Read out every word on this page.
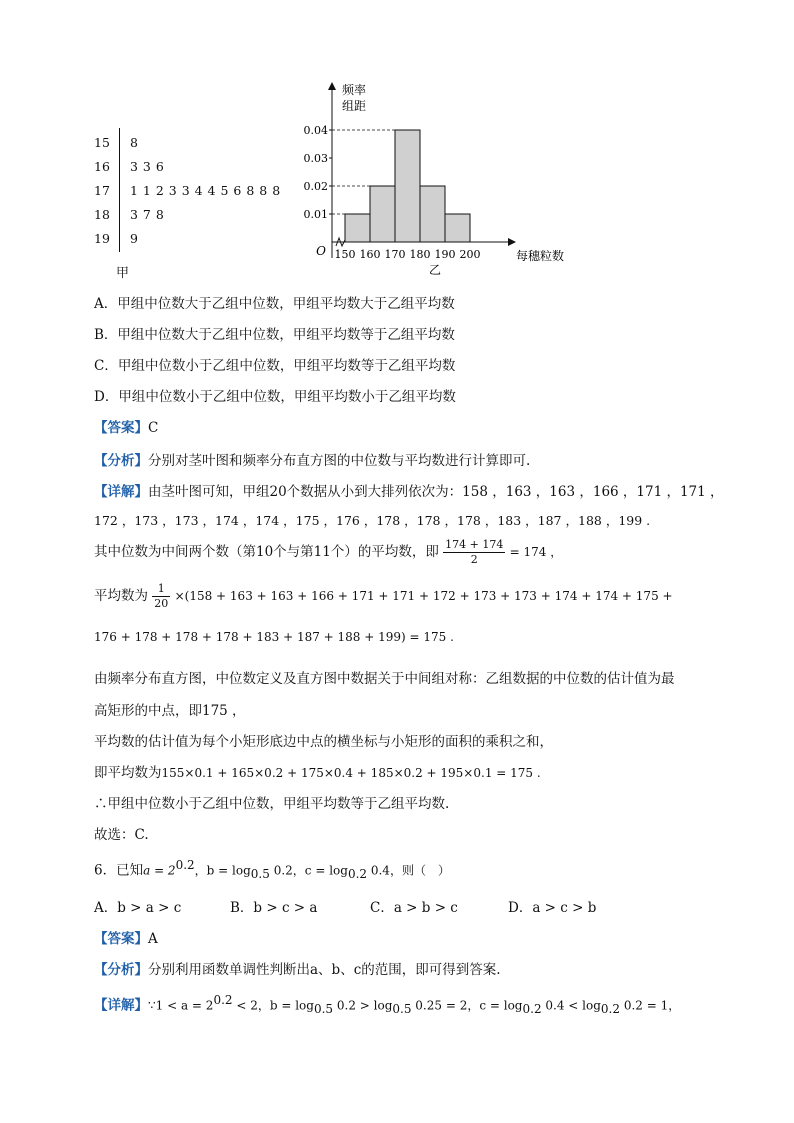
15 8
16 3 3 6
17 1 1 2 3 3 4 4 5 6 8 8 8
18 3 7 8
19 9
甲
频率
组距
O	每穗粒数
乙
0.01
0.02
0.03
0.04
150 160 170 180 190 200
A．甲组中位数大于乙组中位数，甲组平均数大于乙组平均数
B．甲组中位数大于乙组中位数，甲组平均数等于乙组平均数
C．甲组中位数小于乙组中位数，甲组平均数等于乙组平均数
D．甲组中位数小于乙组中位数，甲组平均数小于乙组平均数
【答案】C
【分析】分别对茎叶图和频率分布直方图的中位数与平均数进行计算即可.
【详解】由茎叶图可知，甲组20个数据从小到大排列依次为：158 ，163 ，163 ，166 ，171 ，171 ，
172 ，173 ，173 ，174 ，174 ，175 ，176 ，178 ，178 ，178 ，183 ，187 ，188 ，199 .
其中位数为中间两个数（第10个与第11个）的平均数，即 $\frac{174 + 174}{2} = 174$ ，
平均数为 $\frac{1}{20} \times(158 + 163 + 163 + 166 + 171 + 171 + 172 + 173 + 173 + 174 + 174 + 175$ +
176 + 178 + 178 + 178 + 183 + 187 + 188 + 199) = 175 .
由频率分布直方图，中位数定义及直方图中数据关于中间组对称：乙组数据的中位数的估计值为最
高矩形的中点，即175 ，
平均数的估计值为每个小矩形底边中点的横坐标与小矩形的面积的乘积之和，
即平均数为155×0.1 + 165×0.2 + 175×0.4 + 185×0.2 + 195×0.1 = 175 .
∴甲组中位数小于乙组中位数，甲组平均数等于乙组平均数.
故选：C.
6．已知$a = 2^{0.2}$，$b = \log_{0.5} 0.2$，$c = \log_{0.2} 0.4$，则（　）
A．b > a > c	B．b > c > a	C．a > b > c	D．a > c > b
【答案】A
【分析】分别利用函数单调性判断出a、b、c的范围，即可得到答案.
【详解】∵1 < $a = 2^{0.2} < 2$，$b = \log_{0.5} 0.2 > \log_{0.5} 0.25 = 2$，$c = \log_{0.2} 0.4 < \log_{0.2} 0.2 = 1$，
